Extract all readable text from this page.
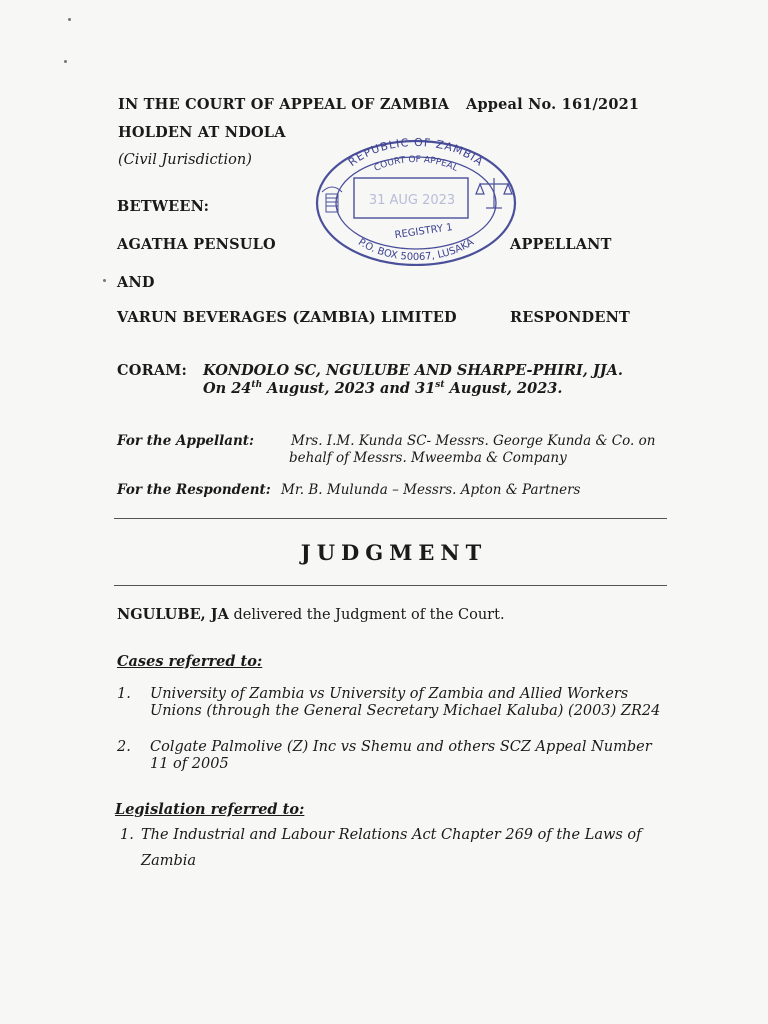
IN THE COURT OF APPEAL OF ZAMBIA Appeal No. 161/2021
HOLDEN AT NDOLA
(Civil Jurisdiction)
BETWEEN:
AGATHA PENSULO	APPELLANT
AND
VARUN BEVERAGES (ZAMBIA) LIMITED	RESPONDENT
REPUBLIC OF ZAMBIA
COURT OF APPEAL
P.O. BOX 50067, LUSAKA
31 AUG 2023
REGISTRY 1
CORAM: KONDOLO SC, NGULUBE AND SHARPE-PHIRI, JJA.
On 24th August, 2023 and 31st August, 2023.
For the Appellant:	Mrs. I.M. Kunda SC- Messrs. George Kunda & Co. on
behalf of Messrs. Mweemba & Company
For the Respondent: Mr. B. Mulunda – Messrs. Apton & Partners
JUDGMENT
NGULUBE, JA delivered the Judgment of the Court.
Cases referred to:
1. University of Zambia vs University of Zambia and Allied Workers Unions (through the General Secretary Michael Kaluba) (2003) ZR24
2. Colgate Palmolive (Z) Inc vs Shemu and others SCZ Appeal Number 11 of 2005
Legislation referred to:
1. The Industrial and Labour Relations Act Chapter 269 of the Laws of
Zambia
